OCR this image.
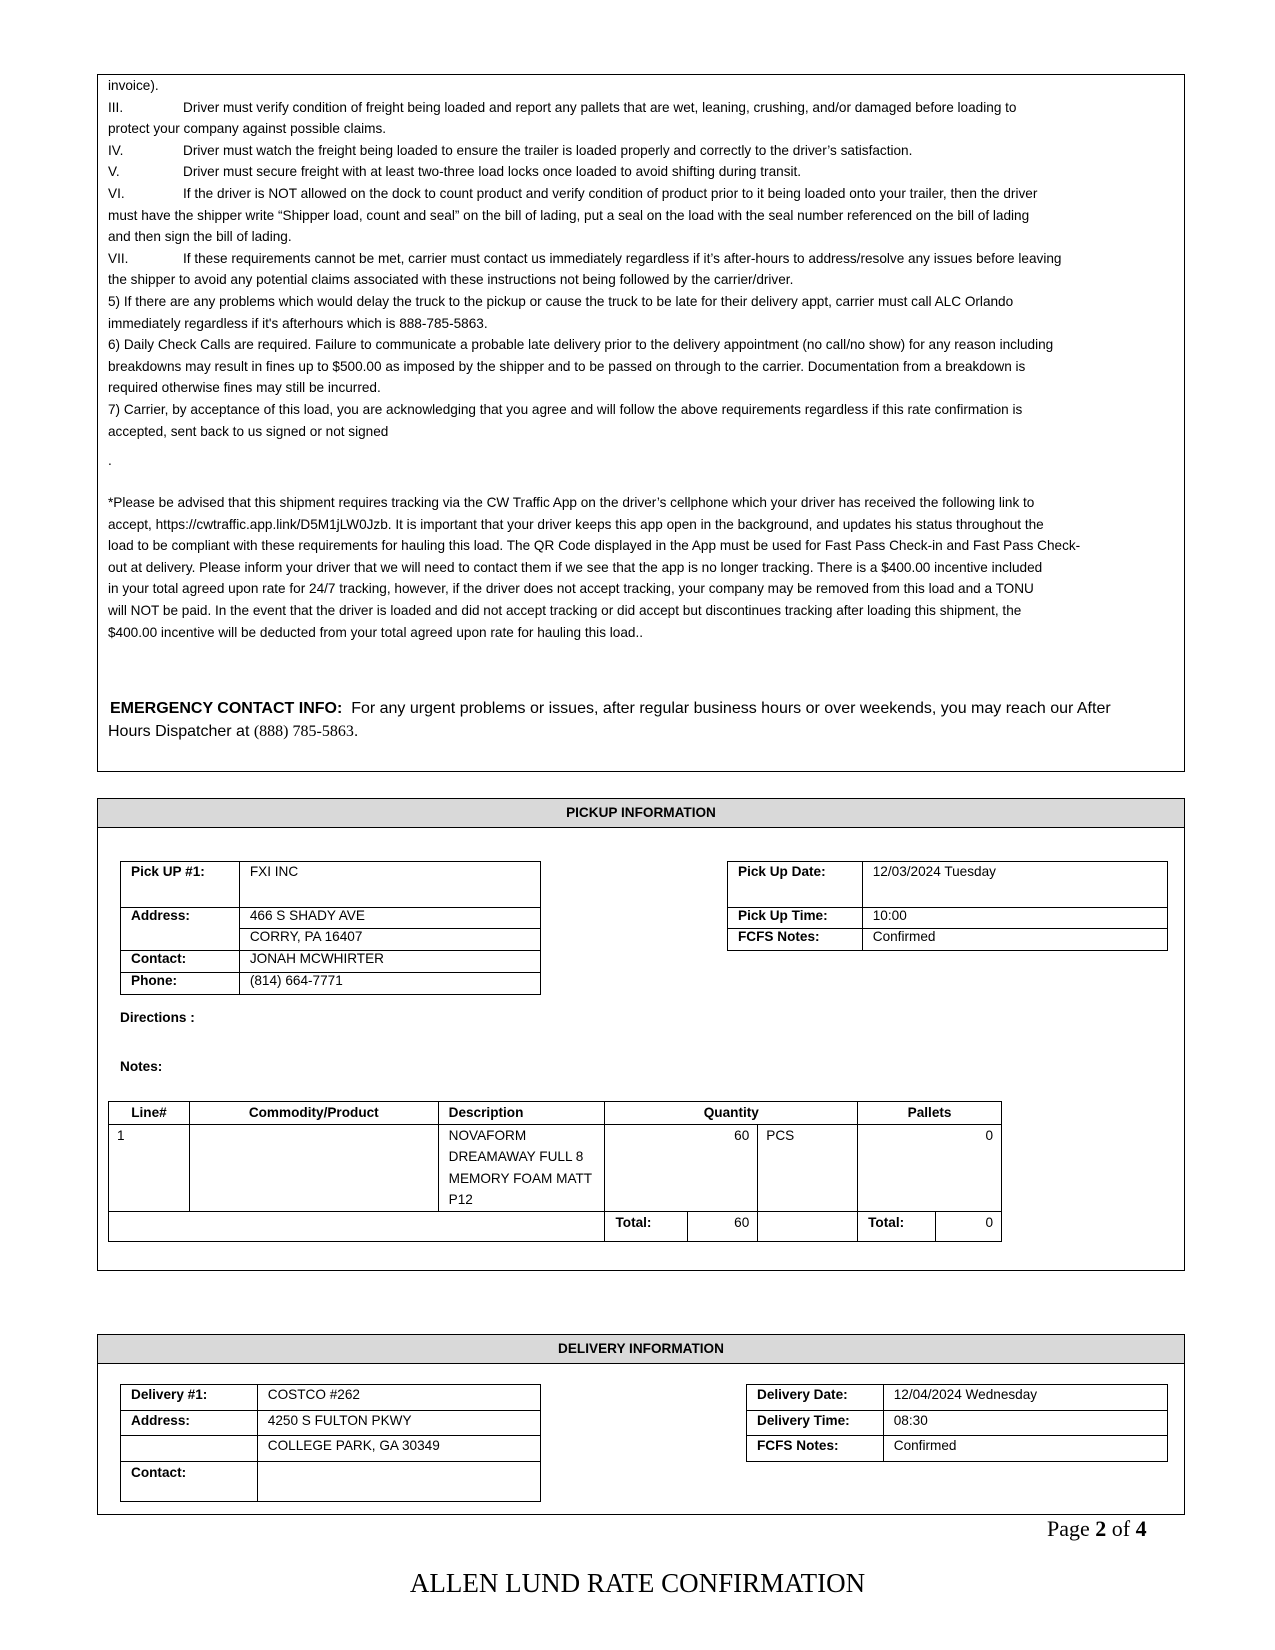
invoice).
III.	Driver must verify condition of freight being loaded and report any pallets that are wet, leaning, crushing, and/or damaged before loading to
protect your company against possible claims.
IV.	Driver must watch the freight being loaded to ensure the trailer is loaded properly and correctly to the driver’s satisfaction.
V.	Driver must secure freight with at least two-three load locks once loaded to avoid shifting during transit.
VI.	If the driver is NOT allowed on the dock to count product and verify condition of product prior to it being loaded onto your trailer, then the driver
must have the shipper write “Shipper load, count and seal” on the bill of lading, put a seal on the load with the seal number referenced on the bill of lading
and then sign the bill of lading.
VII.	If these requirements cannot be met, carrier must contact us immediately regardless if it’s after-hours to address/resolve any issues before leaving
the shipper to avoid any potential claims associated with these instructions not being followed by the carrier/driver.
5) If there are any problems which would delay the truck to the pickup or cause the truck to be late for their delivery appt, carrier must call ALC Orlando
immediately regardless if it's afterhours which is 888-785-5863.
6) Daily Check Calls are required. Failure to communicate a probable late delivery prior to the delivery appointment (no call/no show) for any reason including
breakdowns may result in fines up to $500.00 as imposed by the shipper and to be passed on through to the carrier. Documentation from a breakdown is
required otherwise fines may still be incurred.
7) Carrier, by acceptance of this load, you are acknowledging that you agree and will follow the above requirements regardless if this rate confirmation is
accepted, sent back to us signed or not signed
.
*Please be advised that this shipment requires tracking via the CW Traffic App on the driver’s cellphone which your driver has received the following link to
accept, https://cwtraffic.app.link/D5M1jLW0Jzb. It is important that your driver keeps this app open in the background, and updates his status throughout the
load to be compliant with these requirements for hauling this load. The QR Code displayed in the App must be used for Fast Pass Check-in and Fast Pass Check-
out at delivery. Please inform your driver that we will need to contact them if we see that the app is no longer tracking. There is a $400.00 incentive included
in your total agreed upon rate for 24/7 tracking, however, if the driver does not accept tracking, your company may be removed from this load and a TONU
will NOT be paid. In the event that the driver is loaded and did not accept tracking or did accept but discontinues tracking after loading this shipment, the
$400.00 incentive will be deducted from your total agreed upon rate for hauling this load..
EMERGENCY CONTACT INFO: For any urgent problems or issues, after regular business hours or over weekends, you may reach our After
Hours Dispatcher at (888) 785-5863.
PICKUP INFORMATION
Pick UP #1:	FXI INC
Address:	466 S SHADY AVE
	CORRY, PA 16407
Contact:	JONAH MCWHIRTER
Phone:	(814) 664-7771
Pick Up Date:	12/03/2024 Tuesday
Pick Up Time:	10:00
FCFS Notes:	Confirmed
Directions :
Notes:
Line#	Commodity/Product	Description	Quantity			Pallets	
1		NOVAFORM DREAMAWAY FULL 8 MEMORY FOAM MATT P12	60		PCS	0	
			Total:	60		Total:	0
DELIVERY INFORMATION
Delivery #1:	COSTCO #262
Address:	4250 S FULTON PKWY
	COLLEGE PARK, GA 30349
Contact:	
Delivery Date:	12/04/2024 Wednesday
Delivery Time:	08:30
FCFS Notes:	Confirmed
Page 2 of 4
ALLEN LUND RATE CONFIRMATION
